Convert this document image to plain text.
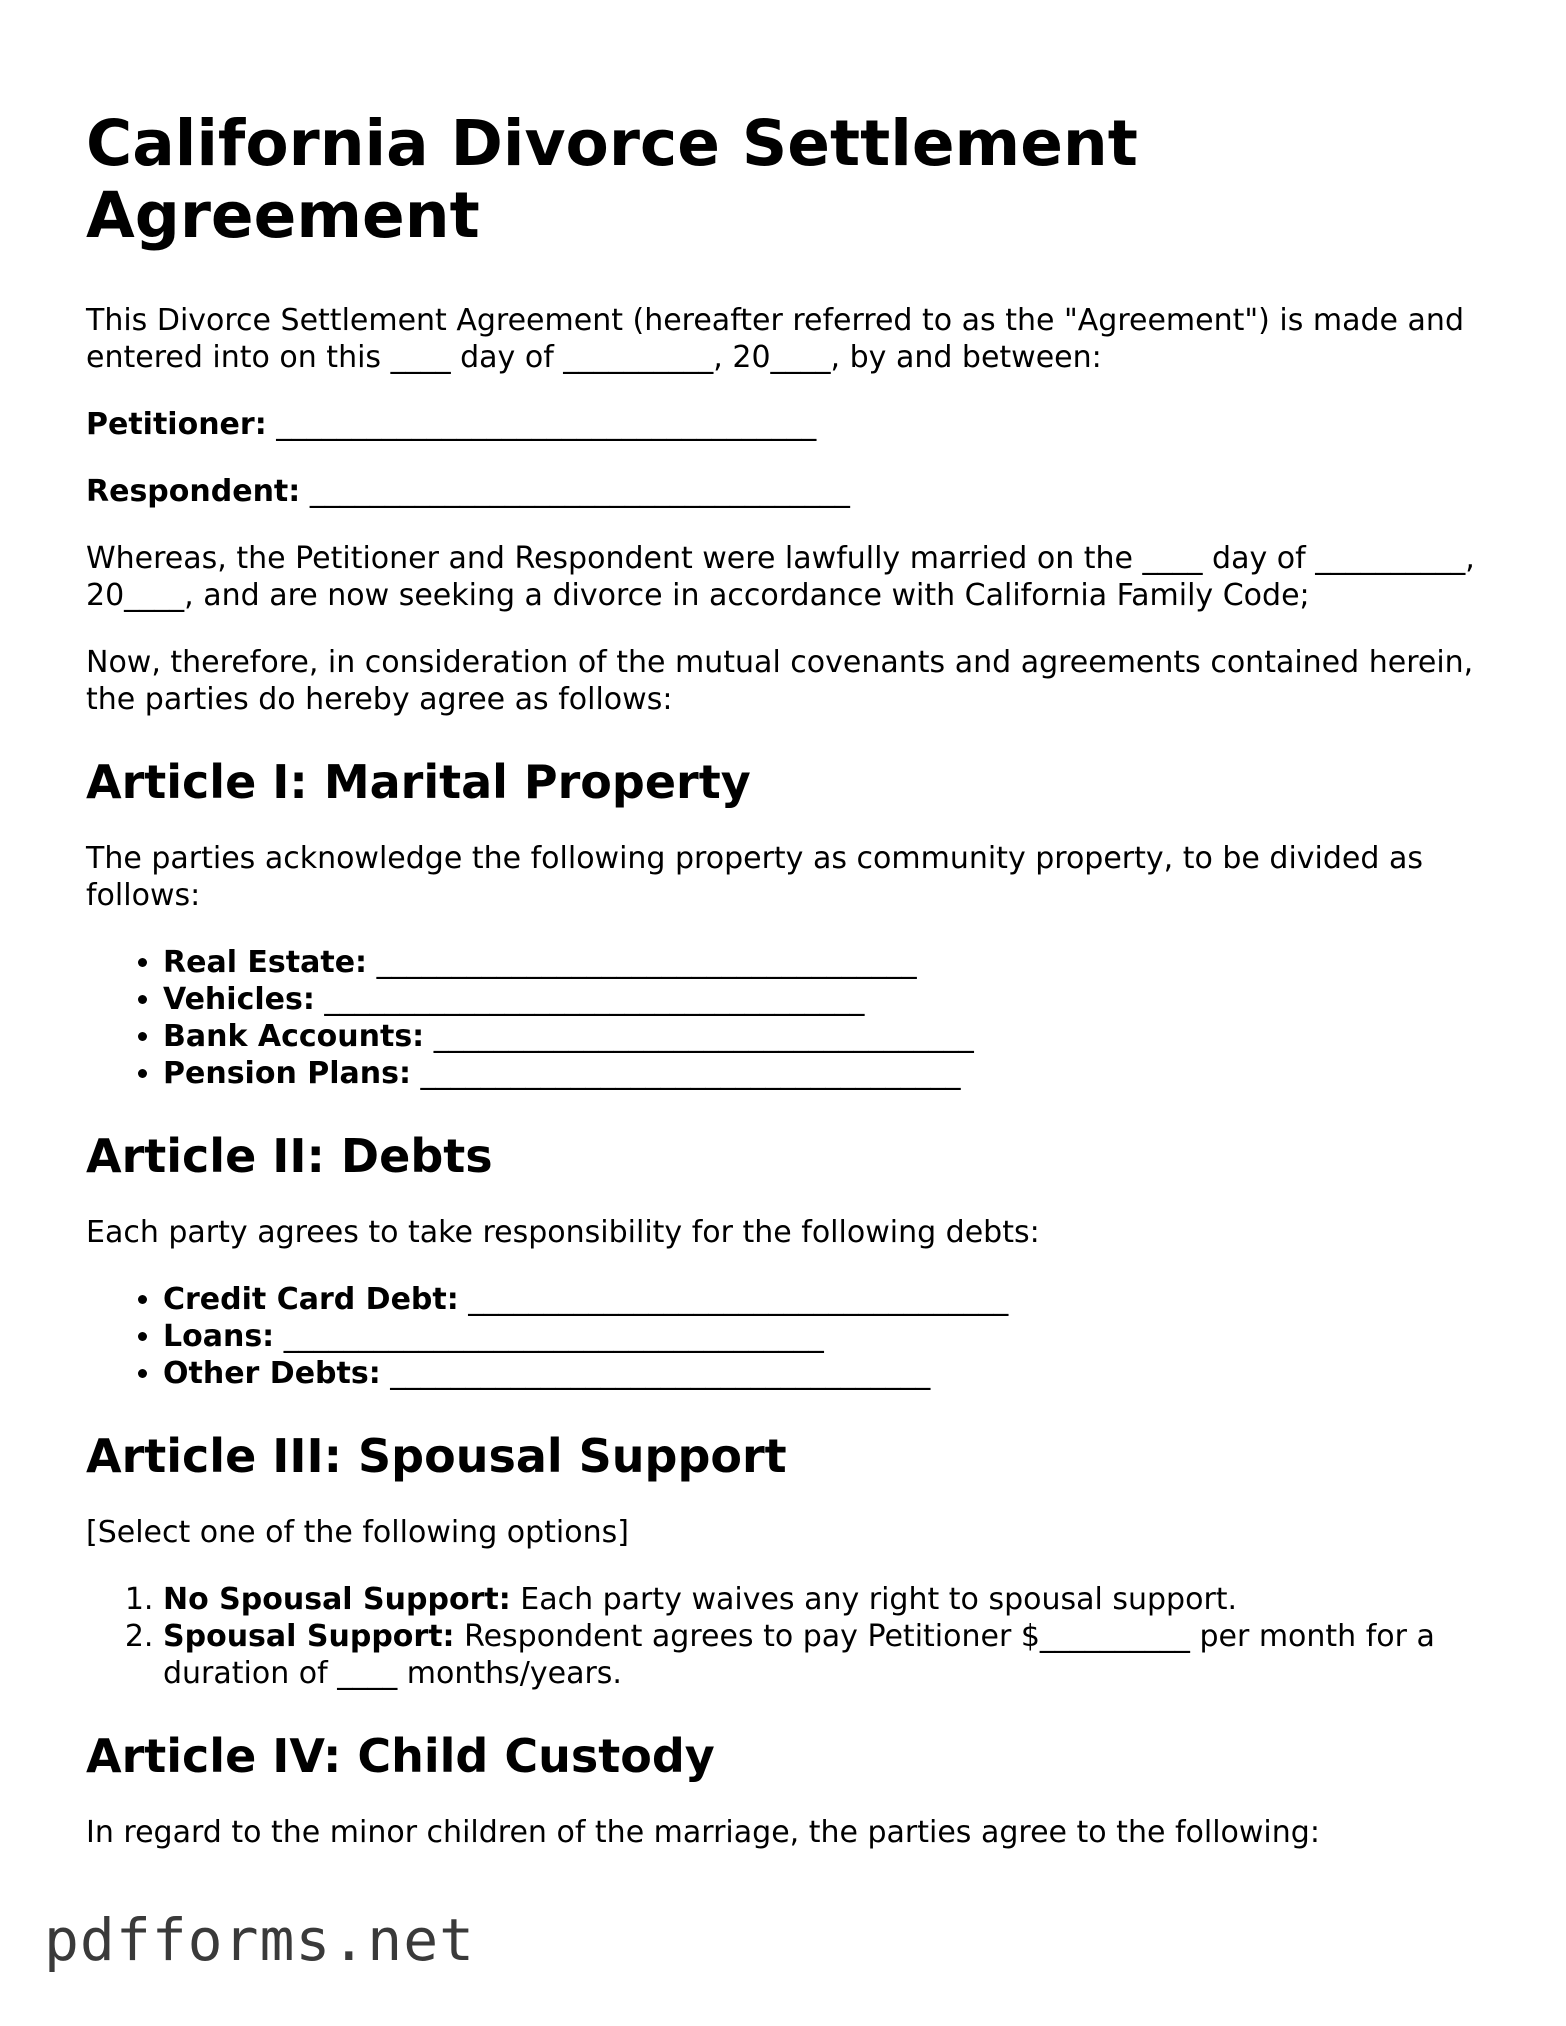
California Divorce Settlement Agreement

This Divorce Settlement Agreement (hereafter referred to as the "Agreement") is made and entered into on this ____ day of __________, 20____, by and between:

Petitioner: ____________________________________
Respondent: ____________________________________

Whereas, the Petitioner and Respondent were lawfully married on the ____ day of __________, 20____, and are now seeking a divorce in accordance with California Family Code;

Now, therefore, in consideration of the mutual covenants and agreements contained herein, the parties do hereby agree as follows:

Article I: Marital Property

The parties acknowledge the following property as community property, to be divided as follows:

• Real Estate: ____________________________________
• Vehicles: ____________________________________
• Bank Accounts: ____________________________________
• Pension Plans: ____________________________________
Article II: Debts

Each party agrees to take responsibility for the following debts:

• Credit Card Debt: ____________________________________
• Loans: ____________________________________
• Other Debts: ____________________________________
Article III: Spousal Support

[Select one of the following options]

1. No Spousal Support: Each party waives any right to spousal support.
2. Spousal Support: Respondent agrees to pay Petitioner $__________ per month for a duration of ____ months/years.
Article IV: Child Custody

In regard to the minor children of the marriage, the parties agree to the following:

pdfforms.net
